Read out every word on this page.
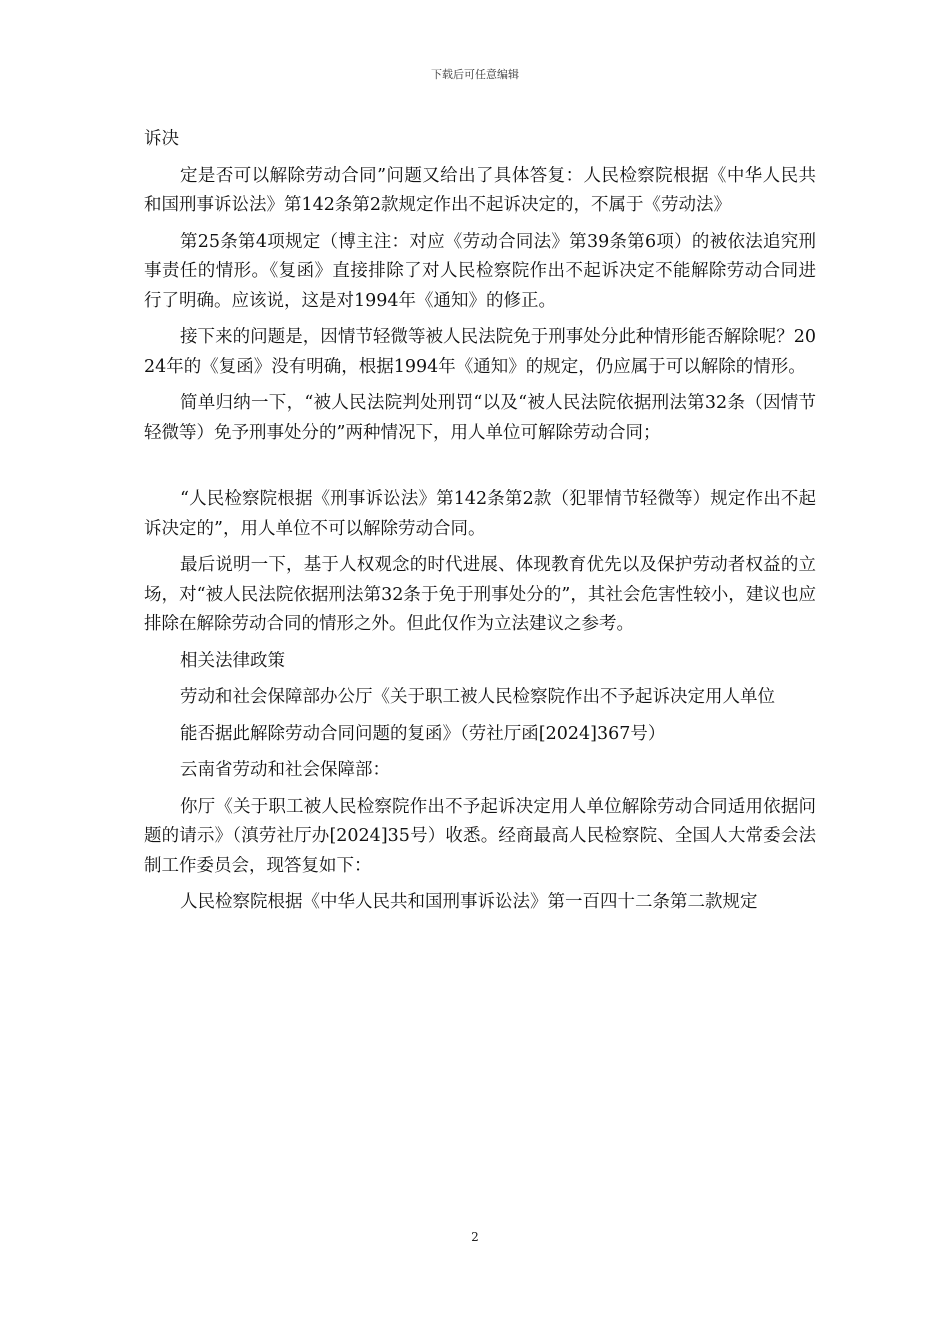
下载后可任意编辑

诉决

定是否可以解除劳动合同”问题又给出了具体答复：人民检察院根据《中华人民共和国刑事诉讼法》第142条第2款规定作出不起诉决定的，不属于《劳动法》

第25条第4项规定（博主注：对应《劳动合同法》第39条第6项）的被依法追究刑事责任的情形。《复函》直接排除了对人民检察院作出不起诉决定不能解除劳动合同进行了明确。应该说，这是对1994年《通知》的修正。

接下来的问题是，因情节轻微等被人民法院免于刑事处分此种情形能否解除呢？2024年的《复函》没有明确，根据1994年《通知》的规定，仍应属于可以解除的情形。

简单归纳一下，“被人民法院判处刑罚“以及“被人民法院依据刑法第32条（因情节轻微等）免予刑事处分的”两种情况下，用人单位可解除劳动合同；

“人民检察院根据《刑事诉讼法》第142条第2款（犯罪情节轻微等）规定作出不起诉决定的”，用人单位不可以解除劳动合同。

最后说明一下，基于人权观念的时代进展、体现教育优先以及保护劳动者权益的立场，对“被人民法院依据刑法第32条于免于刑事处分的”，其社会危害性较小，建议也应排除在解除劳动合同的情形之外。但此仅作为立法建议之参考。

相关法律政策

劳动和社会保障部办公厅《关于职工被人民检察院作出不予起诉决定用人单位

能否据此解除劳动合同问题的复函》（劳社厅函[2024]367号）

云南省劳动和社会保障部：

你厅《关于职工被人民检察院作出不予起诉决定用人单位解除劳动合同适用依据问题的请示》（滇劳社厅办[2024]35号）收悉。经商最高人民检察院、全国人大常委会法制工作委员会，现答复如下：

人民检察院根据《中华人民共和国刑事诉讼法》第一百四十二条第二款规定

2
